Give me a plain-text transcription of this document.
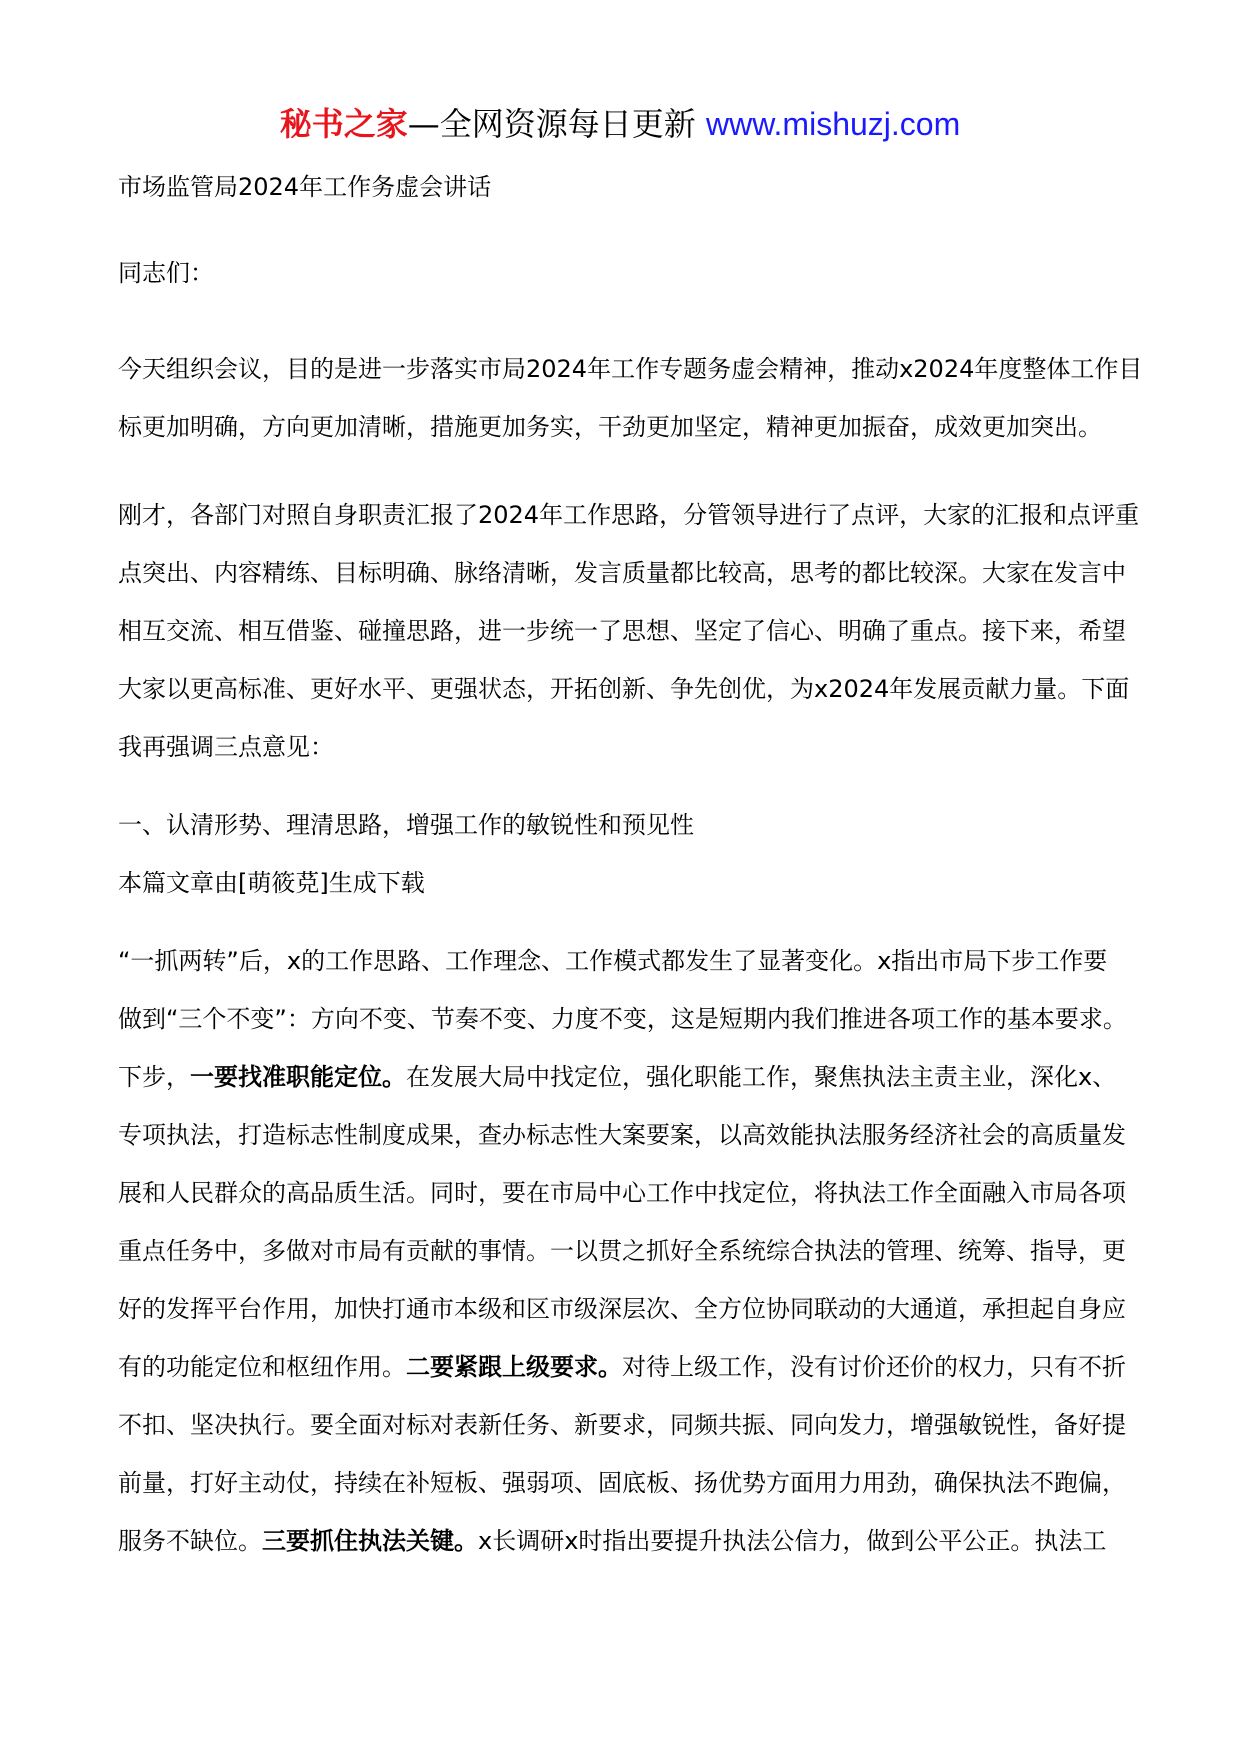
秘书之家—全网资源每日更新 www.mishuzj.com
市场监管局2024年工作务虚会讲话
同志们：
今天组织会议，目的是进一步落实市局2024年工作专题务虚会精神，推动x2024年度整体工作目
标更加明确，方向更加清晰，措施更加务实，干劲更加坚定，精神更加振奋，成效更加突出。
刚才，各部门对照自身职责汇报了2024年工作思路，分管领导进行了点评，大家的汇报和点评重
点突出、内容精练、目标明确、脉络清晰，发言质量都比较高，思考的都比较深。大家在发言中
相互交流、相互借鉴、碰撞思路，进一步统一了思想、坚定了信心、明确了重点。接下来，希望
大家以更高标准、更好水平、更强状态，开拓创新、争先创优，为x2024年发展贡献力量。下面
我再强调三点意见：
一、认清形势、理清思路，增强工作的敏锐性和预见性
本篇文章由[萌筱莌]生成下载
“一抓两转”后，x的工作思路、工作理念、工作模式都发生了显著变化。x指出市局下步工作要
做到“三个不变”：方向不变、节奏不变、力度不变，这是短期内我们推进各项工作的基本要求。
下步，一要找准职能定位。在发展大局中找定位，强化职能工作，聚焦执法主责主业，深化x、
专项执法，打造标志性制度成果，查办标志性大案要案，以高效能执法服务经济社会的高质量发
展和人民群众的高品质生活。同时，要在市局中心工作中找定位，将执法工作全面融入市局各项
重点任务中，多做对市局有贡献的事情。一以贯之抓好全系统综合执法的管理、统筹、指导，更
好的发挥平台作用，加快打通市本级和区市级深层次、全方位协同联动的大通道，承担起自身应
有的功能定位和枢纽作用。二要紧跟上级要求。对待上级工作，没有讨价还价的权力，只有不折
不扣、坚决执行。要全面对标对表新任务、新要求，同频共振、同向发力，增强敏锐性，备好提
前量，打好主动仗，持续在补短板、强弱项、固底板、扬优势方面用力用劲，确保执法不跑偏，
服务不缺位。三要抓住执法关键。x长调研x时指出要提升执法公信力，做到公平公正。执法工
